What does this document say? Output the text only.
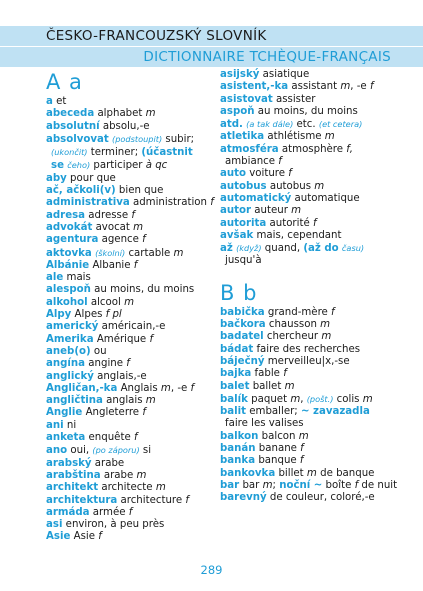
ČESKO-FRANCOUZSKÝ SLOVNÍK
DICTIONNAIRE TCHÈQUE-FRANÇAIS
A a
a et
abeceda alphabet m
absolutní absolu,-e
absolvovat (podstoupit) subir;
(ukončit) terminer; (účastnit
se čeho) participer à qc
aby pour que
ač, ačkoli(v) bien que
administrativa administration f
adresa adresse f
advokát avocat m
agentura agence f
aktovka (školní) cartable m
Albánie Albanie f
ale mais
alespoň au moins, du moins
alkohol alcool m
Alpy Alpes f pl
americký américain,-e
Amerika Amérique f
aneb(o) ou
angína angine f
anglický anglais,-e
Angličan,-ka Anglais m, -e f
angličtina anglais m
Anglie Angleterre f
ani ni
anketa enquête f
ano oui, (po záporu) si
arabský arabe
arabština arabe m
architekt architecte m
architektura architecture f
armáda armée f
asi environ, à peu près
Asie Asie f
asijský asiatique
asistent,-ka assistant m, -e f
asistovat assister
aspoň au moins, du moins
atd. (a tak dále) etc. (et cetera)
atletika athlétisme m
atmosféra atmosphère f,
ambiance f
auto voiture f
autobus autobus m
automatický automatique
autor auteur m
autorita autorité f
avšak mais, cependant
až (když) quand, (až do času)
jusqu'à
B b
babička grand-mère f
bačkora chausson m
badatel chercheur m
bádat faire des recherches
báječný merveilleu|x,-se
bajka fable f
balet ballet m
balík paquet m, (pošt.) colis m
balit emballer; ~ zavazadla
faire les valises
balkon balcon m
banán banane f
banka banque f
bankovka billet m de banque
bar bar m; noční ~ boîte f de nuit
barevný de couleur, coloré,-e
289
